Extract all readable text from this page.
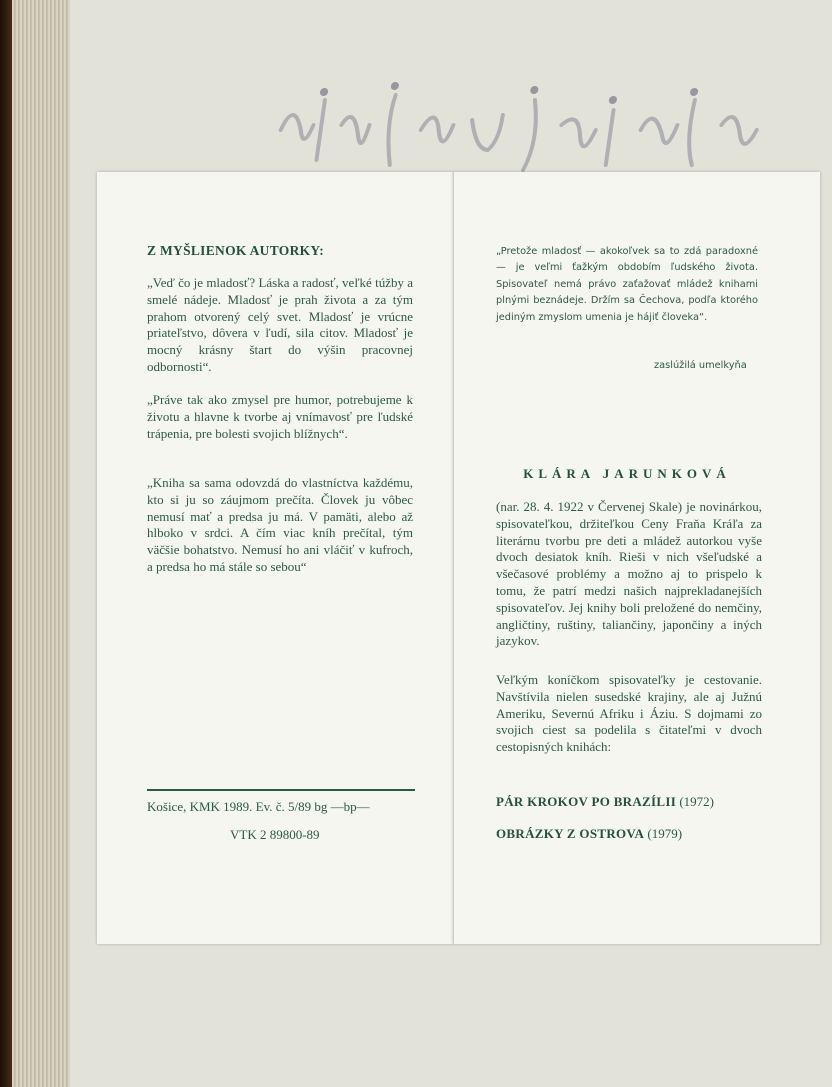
Z MYŠLIENOK AUTORKY:
„Veď čo je mladosť? Láska a radosť, veľké túžby a smelé nádeje. Mladosť je prah života a za tým prahom otvorený celý svet. Mladosť je vrúcne priateľstvo, dôvera v ľudí, sila citov. Mladosť je mocný krásny štart do výšin pracovnej odbornosti“.
„Práve tak ako zmysel pre humor, potrebujeme k životu a hlavne k tvorbe aj vnímavosť pre ľudské trápenia, pre bolesti svojich blížnych“.
„Kniha sa sama odovzdá do vlastníctva každému, kto si ju so záujmom prečíta. Človek ju vôbec nemusí mať a predsa ju má. V pamäti, alebo až hlboko v srdci. A čím viac kníh prečítal, tým väčšie bohatstvo. Nemusí ho ani vláčiť v kufroch, a predsa ho má stále so sebou“
Košice, KMK 1989. Ev. č. 5/89 bg —bp—
VTK 2 89800-89
„Pretože mladosť — akokoľvek sa to zdá paradoxné — je veľmi ťažkým obdobím ľudského života. Spisovateľ nemá právo zaťažovať mládež knihami plnými beznádeje. Držím sa Čechova, podľa ktorého jediným zmyslom umenia je hájiť človeka“.
zaslúžilá umelkyňa
KLÁRA JARUNKOVÁ
(nar. 28. 4. 1922 v Červenej Skale) je novinárkou, spisovateľkou, držiteľkou Ceny Fraňa Kráľa za literárnu tvorbu pre deti a mládež autorkou vyše dvoch desiatok kníh. Rieši v nich všeľudské a všečasové problémy a možno aj to prispelo k tomu, že patrí medzi našich najprekladanejších spisovateľov. Jej knihy boli preložené do nemčiny, angličtiny, ruštiny, taliančiny, japončiny a iných jazykov.
Veľkým koníčkom spisovateľky je cestovanie. Navštívila nielen susedské krajiny, ale aj Južnú Ameriku, Severnú Afriku i Áziu. S dojmami zo svojich ciest sa podelila s čitateľmi v dvoch cestopisných knihách:
PÁR KROKOV PO BRAZÍLII (1972)
OBRÁZKY Z OSTROVA (1979)
